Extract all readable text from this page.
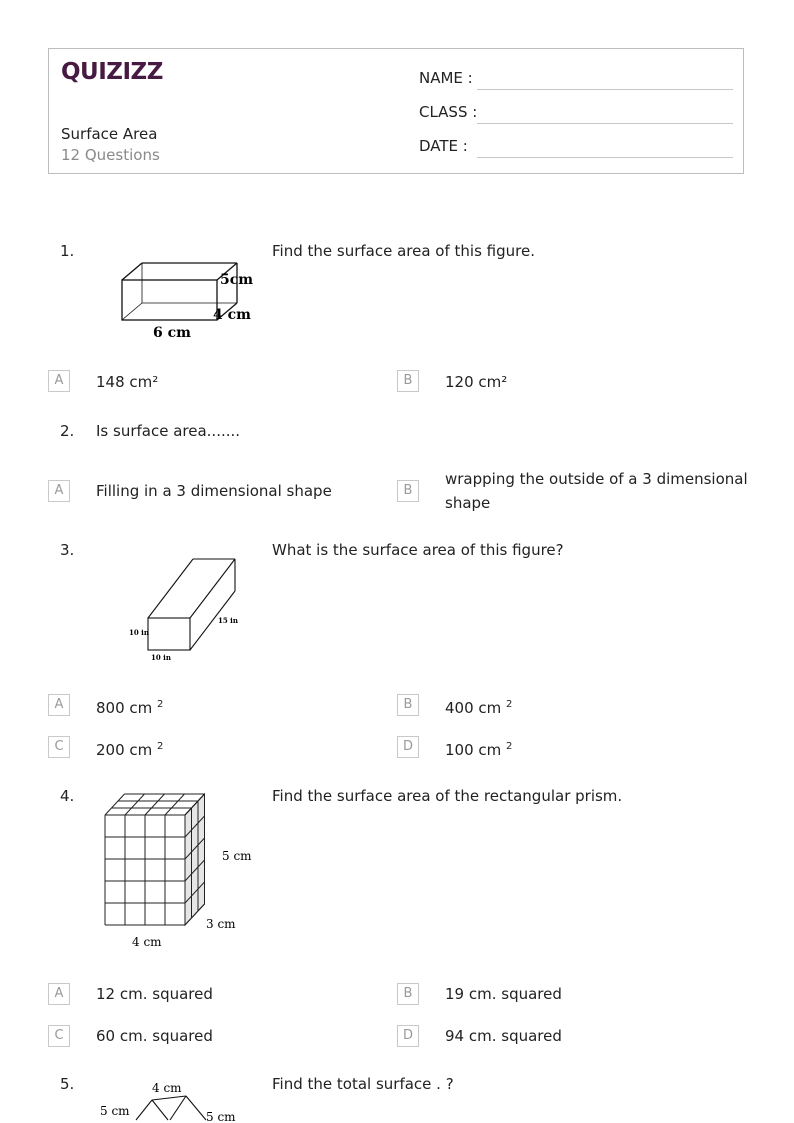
QUIZIZZ
Surface Area
12 Questions
NAME :
CLASS :
DATE :
1.
5cm
4 cm
6 cm
Find the surface area of this figure.
A	148 cm²	B	120 cm²
2. Is surface area.......
A	Filling in a 3 dimensional shape	B
wrapping the outside of a 3 dimensional shape
3.
10 in
15 in
10 in
What is the surface area of this figure?
A	800 cm $^2$	B	400 cm $^2$
C	200 cm $^2$	D	100 cm $^2$
4.
5 cm
3 cm
4 cm
Find the surface area of the rectangular prism.
A	12 cm. squared	B	19 cm. squared
C	60 cm. squared	D	94 cm. squared
5.	4 cm
5 cm	5 cm
Find the total surface . ?
